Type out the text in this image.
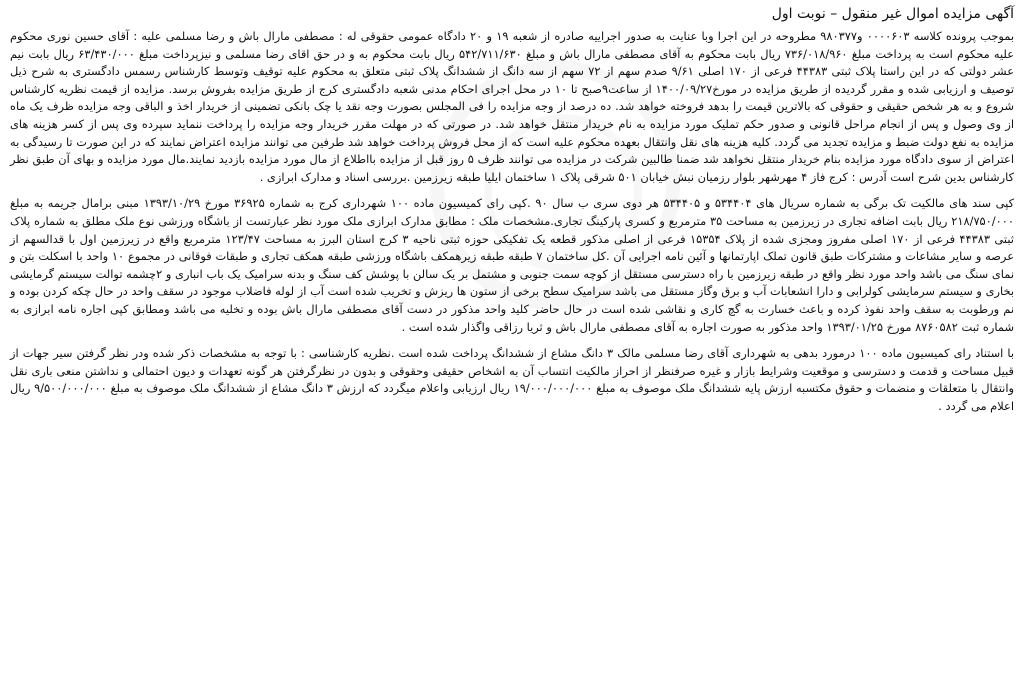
آگهی مزایده اموال غیر منقول – نوبت اول

بموجب پرونده کلاسه ۰۰۰۰۶۰۳ و۹۸۰۳۷۷ مطروحه در این اجرا وبا عنایت به صدور اجراییه صادره از شعبه ۱۹ و ۲۰ دادگاه عمومی حقوقی له : مصطفی مارال باش و رضا مسلمی علیه : آقای حسین نوری محکوم علیه محکوم است به پرداخت مبلغ ۷۳۶/۰۱۸/۹۶۰ ریال بابت محکوم به آقای مصطفی مارال باش و مبلغ ۵۴۲/۷۱۱/۶۳۰ ریال بابت محکوم به و در حق اقای رضا مسلمی و نیزپرداخت مبلغ ۶۳/۴۳۰/۰۰۰ ریال بابت نیم عشر دولتی که در این راستا پلاک ثبتی ۴۴۳۸۳ فرعی از ۱۷۰ اصلی ۹/۶۱ صدم سهم از ۷۲ سهم از سه دانگ از ششدانگ پلاک ثبتی متعلق به محکوم علیه توقیف وتوسط کارشناس رسمس دادگستری به شرح ذیل توصیف و ارزیابی شده و مقرر گردیده از طریق مزایده در مورخ۱۴۰۰/۰۹/۲۷ از ساعت۹صبح تا ۱۰ در محل اجرای احکام مدنی شعبه دادگستری کرج از طریق مزایده بفروش برسد. مزایده از قیمت نظریه کارشناس شروع و به هر شخص حقیقی و حقوقی که بالاترین قیمت را بدهد فروخته خواهد شد. ده درصد از وجه مزایده را فی المجلس بصورت وجه نقد یا چک بانکی تضمینی از خریدار اخذ و الباقی وجه مزایده ظرف یک ماه از وی وصول و پس از انجام مراحل قانونی و صدور حکم تملیک مورد مزایده به نام خریدار منتقل خواهد شد. در صورتی که در مهلت مقرر خریدار وجه مزایده را پرداخت ننماید سپرده وی پس از کسر هزینه های مزایده به نفع دولت ضبط و مزایده تجدید می گردد. کلیه هزینه های نقل وانتقال بعهده محکوم علیه است که از محل فروش پرداخت خواهد شد طرفین می توانند مزایده اعتراض نمایند که در این صورت تا رسیدگی به اعتراض از سوی دادگاه مورد مزایده بنام خریدار منتقل نخواهد شد ضمنا طالبین شرکت در مزایده می توانند ظرف ۵ روز قبل از مزایده بااطلاع از مال مورد مزایده بازدید نمایند.مال مورد مزایده و بهای آن طبق نظر کارشناس بدین شرح است آدرس : کرج فاز ۴ مهرشهر بلوار رزمیان نبش خیابان ۵۰۱ شرقی پلاک ۱ ساختمان ایلیا طبقه زیرزمین .بررسی اسناد و مدارک ابرازی .

کپی سند های مالکیت تک برگی به شماره سریال های ۵۳۴۴۰۴ و ۵۳۴۴۰۵ هر دوی سری ب سال ۹۰ .کپی رای کمیسیون ماده ۱۰۰ شهرداری کرج به شماره ۳۶۹۲۵ مورخ ۱۳۹۳/۱۰/۲۹ مبنی برامال جریمه به مبلغ ۲۱۸/۷۵۰/۰۰۰ ریال بابت اضافه تجاری در زیرزمین به مساحت ۳۵ مترمربع و کسری پارکینگ تجاری.مشخصات ملک : مطابق مدارک ابرازی ملک مورد نظر عبارتست از باشگاه ورزشی نوع ملک مطلق به شماره پلاک ثبتی ۴۴۳۸۳ فرعی از ۱۷۰ اصلی مفروز ومجزی شده از پلاک ۱۵۳۵۴ فرعی از اصلی مذکور قطعه یک تفکیکی حوزه ثبتی ناحیه ۳ کرج استان البرز به مساحت ۱۲۳/۴۷ مترمربع واقع در زیرزمین اول با قدالسهم از عرصه و سایر مشاعات و مشترکات طبق قانون تملک اپارتمانها و آئین نامه اجرایی آن .کل ساختمان ۷ طبقه طبقه زیرهمکف باشگاه ورزشی طبقه همکف تجاری و طبقات فوقانی در مجموع ۱۰ واحد با اسکلت بتن و نمای سنگ می باشد واحد مورد نظر واقع در طبقه زیرزمین با راه دسترسی مستقل از کوچه سمت جنوبی و مشتمل بر یک سالن با پوشش کف سنگ و بدنه سرامیک یک باب انباری و ۲چشمه توالت سیستم گرمایشی بخاری و سیستم سرمایشی کولرابی و دارا انشعابات آب و برق وگاز مستقل می باشد سرامیک سطح برخی از ستون ها ریزش و تخریب شده است آب از لوله فاضلاب موجود در سقف واحد در حال چکه کردن بوده و نم ورطوبت به سقف واحد نفوذ کرده و باعث خسارت به گچ کاری و نقاشی شده است در حال حاضر کلید واحد مذکور در دست آقای مصطفی مارال باش بوده و تخلیه می باشد ومطابق کپی اجاره نامه ابرازی به شماره ثبت ۸۷۶۰۵۸۲ مورخ ۱۳۹۳/۰۱/۲۵ واحد مذکور به صورت اجاره به آقای مصطفی مارال باش و ثریا رزاقی واگذار شده است .

با استناد رای کمیسیون ماده ۱۰۰ درمورد بدهی به شهرداری آقای رضا مسلمی مالک ۳ دانگ مشاع از ششدانگ پرداخت شده است .نظریه کارشناسی : با توجه به مشخصات ذکر شده ودر نظر گرفتن سیر جهات از قبیل مساحت و قدمت و دسترسی و موقعیت وشرایط بازار و غیره صرفنظر از احراز مالکیت انتساب آن به اشخاص حقیقی وحقوقی و بدون در نظرگرفتن هر گونه تعهدات و دیون احتمالی و نداشتن منعی باری نقل وانتقال با متعلقات و منضمات و حقوق مکتسبه ارزش پایه ششدانگ ملک موصوف به مبلغ ۱۹/۰۰۰/۰۰۰/۰۰۰ ریال ارزیابی واعلام میگردد که ارزش ۳ دانگ مشاع از ششدانگ ملک موصوف به مبلغ ۹/۵۰۰/۰۰۰/۰۰۰ ریال اعلام می گردد .
